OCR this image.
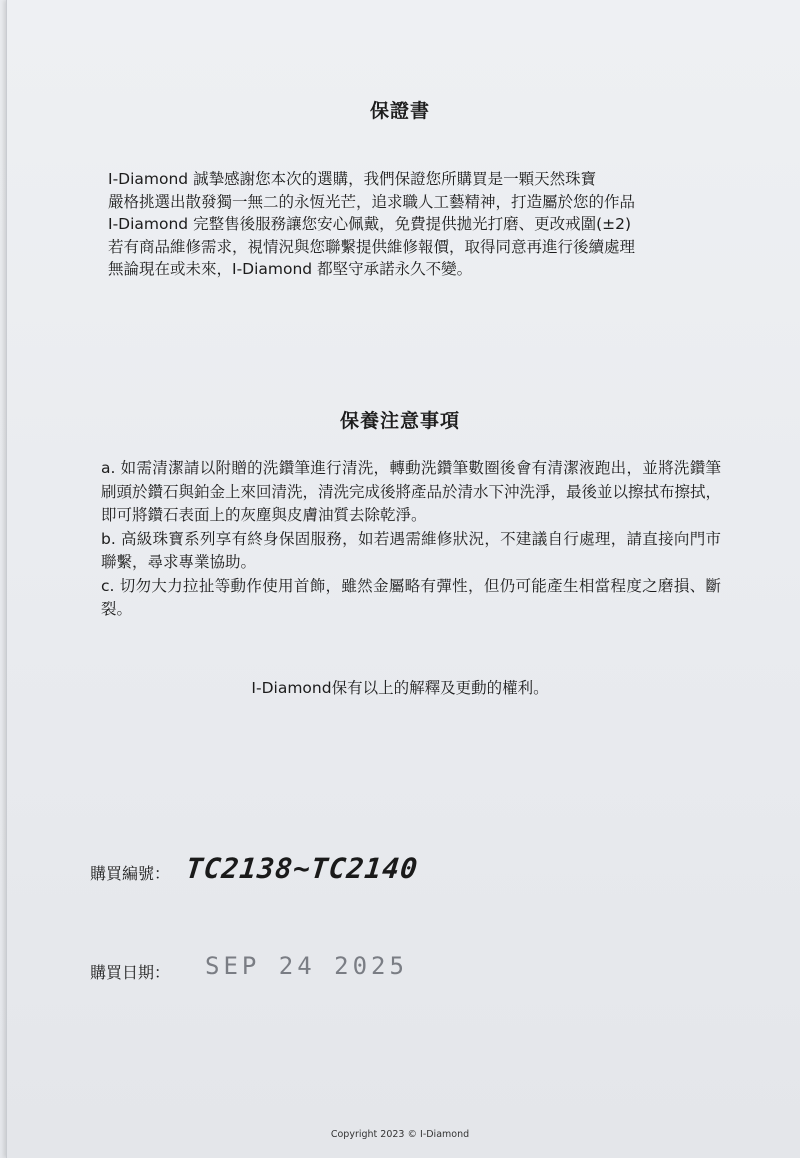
保證書
I-Diamond 誠摯感謝您本次的選購，我們保證您所購買是一顆天然珠寶
嚴格挑選出散發獨一無二的永恆光芒，追求職人工藝精神，打造屬於您的作品
I-Diamond 完整售後服務讓您安心佩戴，免費提供拋光打磨、更改戒圍(±2)
若有商品維修需求，視情況與您聯繫提供維修報價，取得同意再進行後續處理
無論現在或未來，I-Diamond 都堅守承諾永久不變。
保養注意事項
a. 如需清潔請以附贈的洗鑽筆進行清洗，轉動洗鑽筆數圈後會有清潔液跑出，並將洗鑽筆刷頭於鑽石與鉑金上來回清洗，清洗完成後將產品於清水下沖洗淨，最後並以擦拭布擦拭，即可將鑽石表面上的灰塵與皮膚油質去除乾淨。
b. 高級珠寶系列享有終身保固服務，如若遇需維修狀況，不建議自行處理，請直接向門市聯繫，尋求專業協助。
c. 切勿大力拉扯等動作使用首飾，雖然金屬略有彈性，但仍可能產生相當程度之磨損、斷裂。
I-Diamond保有以上的解釋及更動的權利。
購買編號： TC2138~TC2140
購買日期： SEP 24 2025
Copyright 2023 © I-Diamond
